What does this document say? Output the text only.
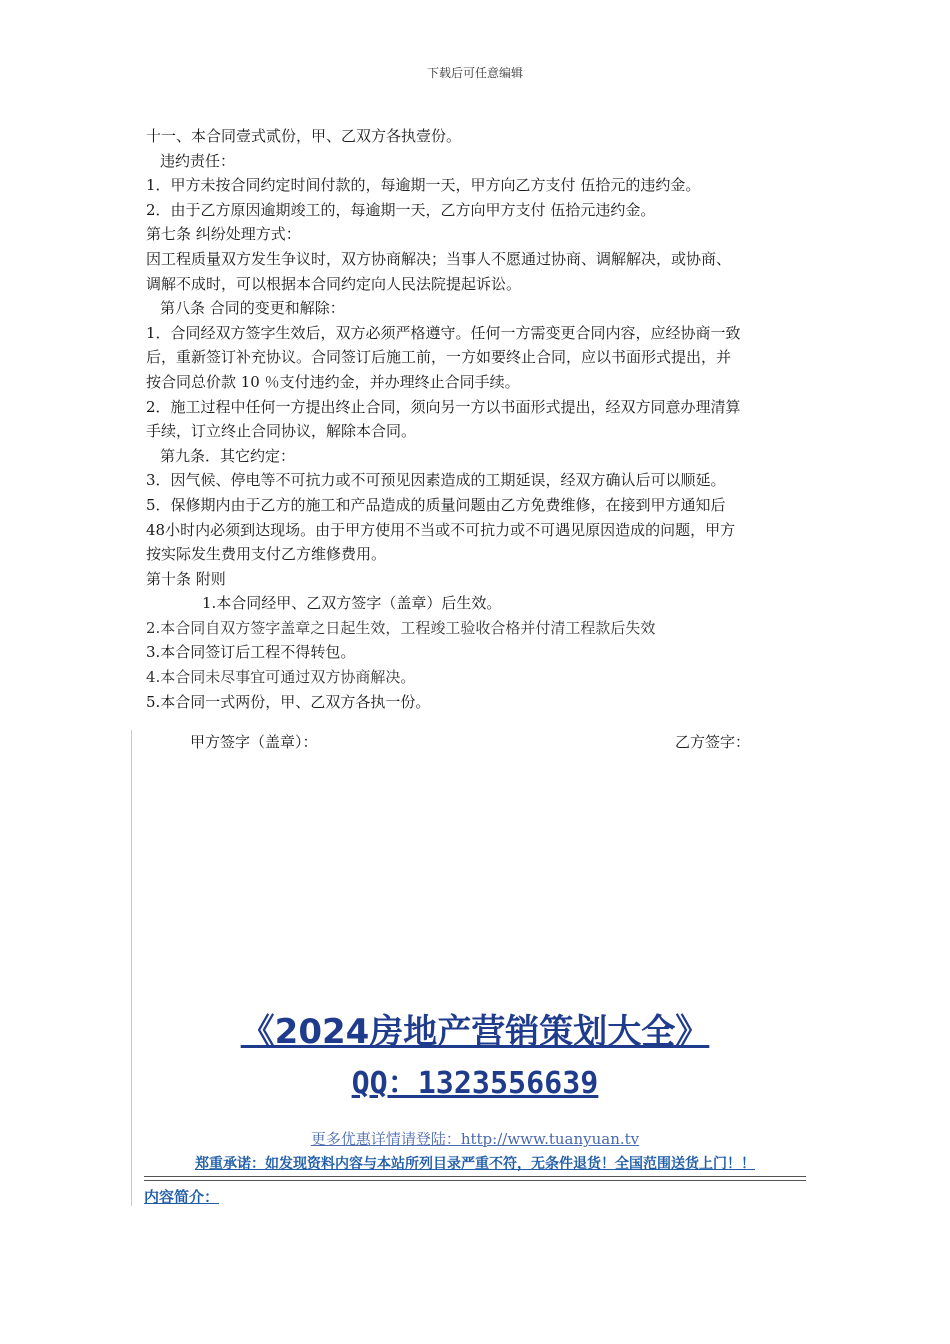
下载后可任意编辑
十一、本合同壹式贰份，甲、乙双方各执壹份。
违约责任：
1．甲方未按合同约定时间付款的，每逾期一天，甲方向乙方支付 伍拾元的违约金。
2．由于乙方原因逾期竣工的，每逾期一天，乙方向甲方支付 伍拾元违约金。
第七条 纠纷处理方式：
因工程质量双方发生争议时，双方协商解决；当事人不愿通过协商、调解解决，或协商、
调解不成时，可以根据本合同约定向人民法院提起诉讼。
第八条 合同的变更和解除：
1．合同经双方签字生效后，双方必须严格遵守。任何一方需变更合同内容，应经协商一致
后，重新签订补充协议。合同签订后施工前，一方如要终止合同，应以书面形式提出，并
按合同总价款 10 ％支付违约金，并办理终止合同手续。
2．施工过程中任何一方提出终止合同，须向另一方以书面形式提出，经双方同意办理清算
手续，订立终止合同协议，解除本合同。
第九条．其它约定：
3．因气候、停电等不可抗力或不可预见因素造成的工期延误，经双方确认后可以顺延。
5．保修期内由于乙方的施工和产品造成的质量问题由乙方免费维修，在接到甲方通知后
48小时内必须到达现场。由于甲方使用不当或不可抗力或不可遇见原因造成的问题，甲方
按实际发生费用支付乙方维修费用。
第十条 附则
1.本合同经甲、乙双方签字（盖章）后生效。
2.本合同自双方签字盖章之日起生效，工程竣工验收合格并付清工程款后失效
3.本合同签订后工程不得转包。
4.本合同未尽事宜可通过双方协商解决。
5.本合同一式两份，甲、乙双方各执一份。
甲方签字（盖章）：	乙方签字：
《2024房地产营销策划大全》
QQ：1323556639
更多优惠详情请登陆：http://www.tuanyuan.tv
郑重承诺：如发现资料内容与本站所列目录严重不符，无条件退货！全国范围送货上门！！
内容简介：
